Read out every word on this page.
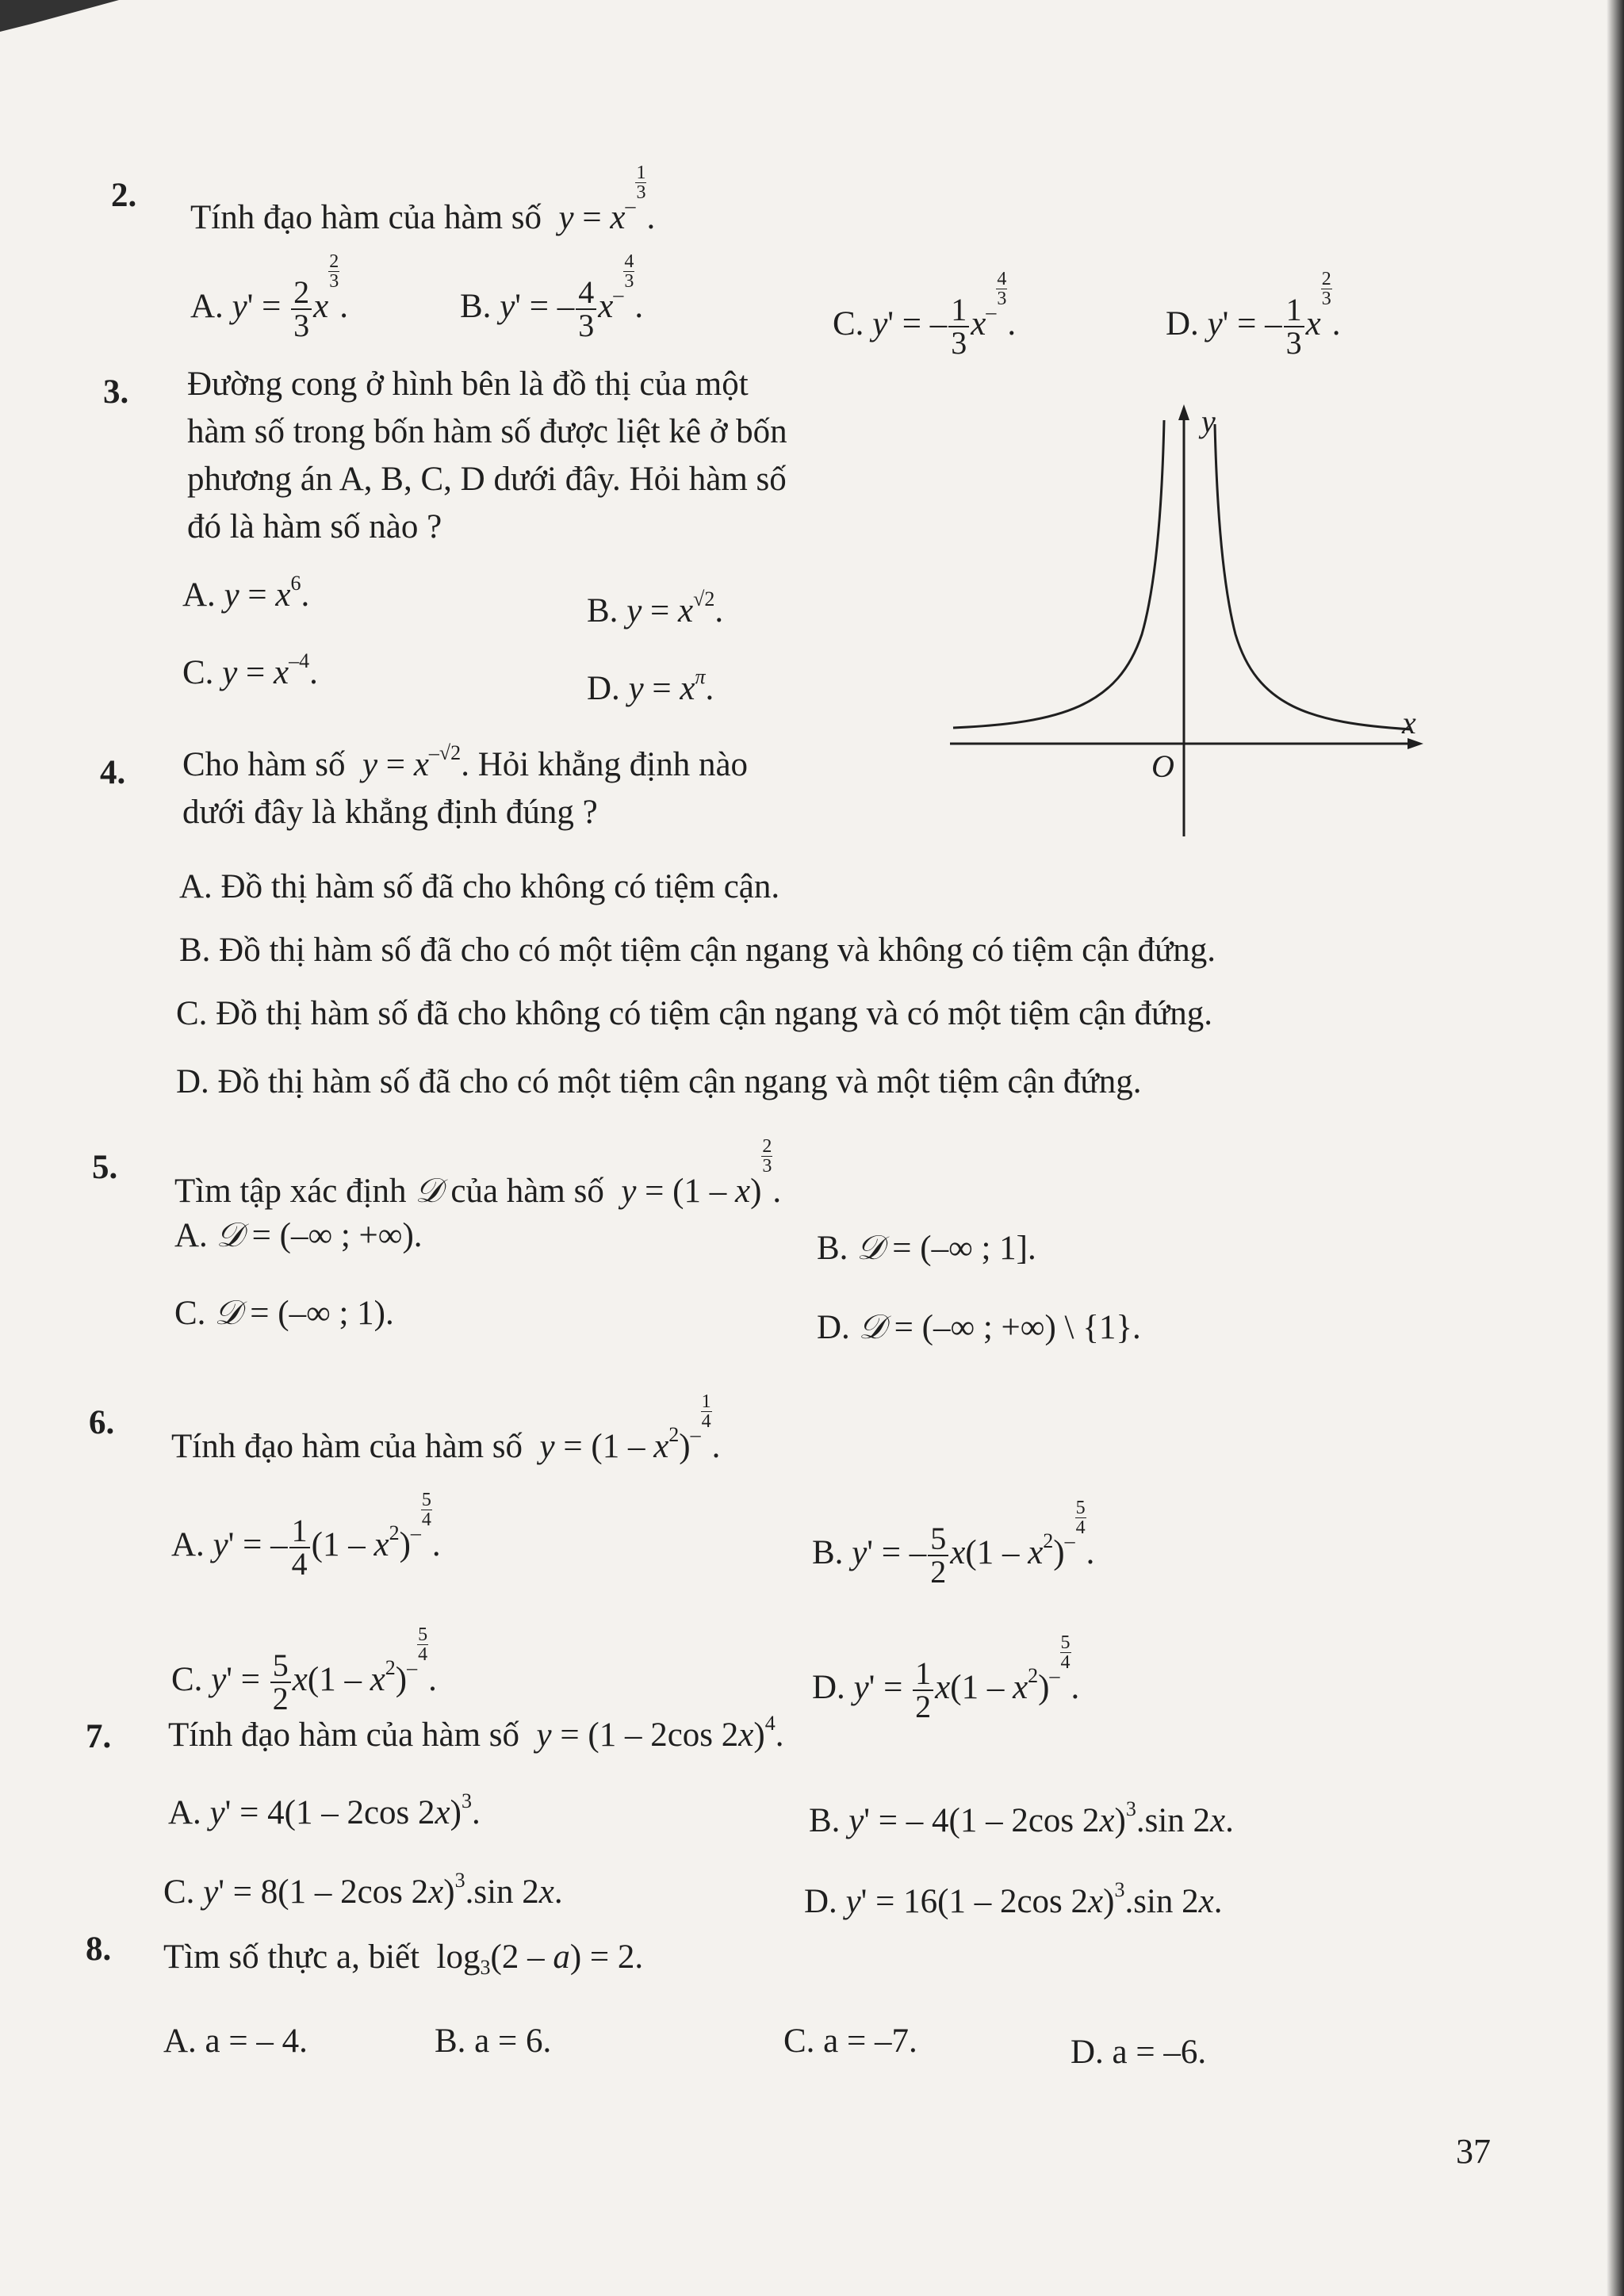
2.
Tính đạo hàm của hàm số $y = x^{- \frac{1}{3}}$
.
A. $y' = \frac{2}{3}$ x
$^{\frac{2}{3}}$
.	B. y' = – $\frac{4}{3} x^{- \frac{4}{3}}$
.	C. y' = – $\frac{1}{3} x^{- \frac{4}{3}}$
.	D. y' = – $\frac{1}{3}$ x
$^{\frac{2}{3}}$
.
3. Đường cong ở hình bên là đồ thị của một
hàm số trong bốn hàm số được liệt kê ở bốn
phương án A, B, C, D dưới đây. Hỏi hàm số
đó là hàm số nào ?
A. $y = x^6$.	B. $y = x^{√2}$.
C. $y = x^{-4}$.	D. $y = x^\pi$.
y
x
O
4. Cho hàm số $y = x^{-√2}$. Hỏi khẳng định nào
dưới đây là khẳng định đúng ?
A. Đồ thị hàm số đã cho không có tiệm cận.
B. Đồ thị hàm số đã cho có một tiệm cận ngang và không có tiệm cận đứng.
C. Đồ thị hàm số đã cho không có tiệm cận ngang và có một tiệm cận đứng.
D. Đồ thị hàm số đã cho có một tiệm cận ngang và một tiệm cận đứng.
5.
Tìm tập xác định 𝒟 của hàm số y = (1 – x)
$^{\frac{2}{3}}$
.
A. 𝒟 = (–∞ ; +∞).	B. 𝒟 = (–∞ ; 1].
C. 𝒟 = (–∞ ; 1).	D. 𝒟 = (–∞ ; +∞) \ {1}.
6.
Tính đạo hàm của hàm số $y = (1 - x^2)^{- \frac{1}{4}}$
.
A. y' = – $\frac{1}{4} (1 - x^2)^{- \frac{5}{4}}$
.	B. y' = – $\frac{5}{2} x(1 - x^2)^{- \frac{5}{4}}$
.
C. $y' = \frac{5}{2} x(1 - x^2)^{- \frac{5}{4}}$
.	D. $y' = \frac{1}{2} x(1 - x^2)^{- \frac{5}{4}}$
.
7. Tính đạo hàm của hàm số y = (1 – 2cos 2x)$^4$.
A. y' = 4(1 – 2cos 2x)$^3$.	B. y' = – 4(1 – 2cos 2x)$^3$.sin 2x.
C. y' = 8(1 – 2cos 2x)$^3$.sin 2x.	D. y' = 16(1 – 2cos 2x)$^3$.sin 2x.
8. Tìm số thực a, biết  $\log_3(2 - a) = 2$.
A. a = – 4.	B. a = 6.	C. a = –7.	D. a = –6.
37
